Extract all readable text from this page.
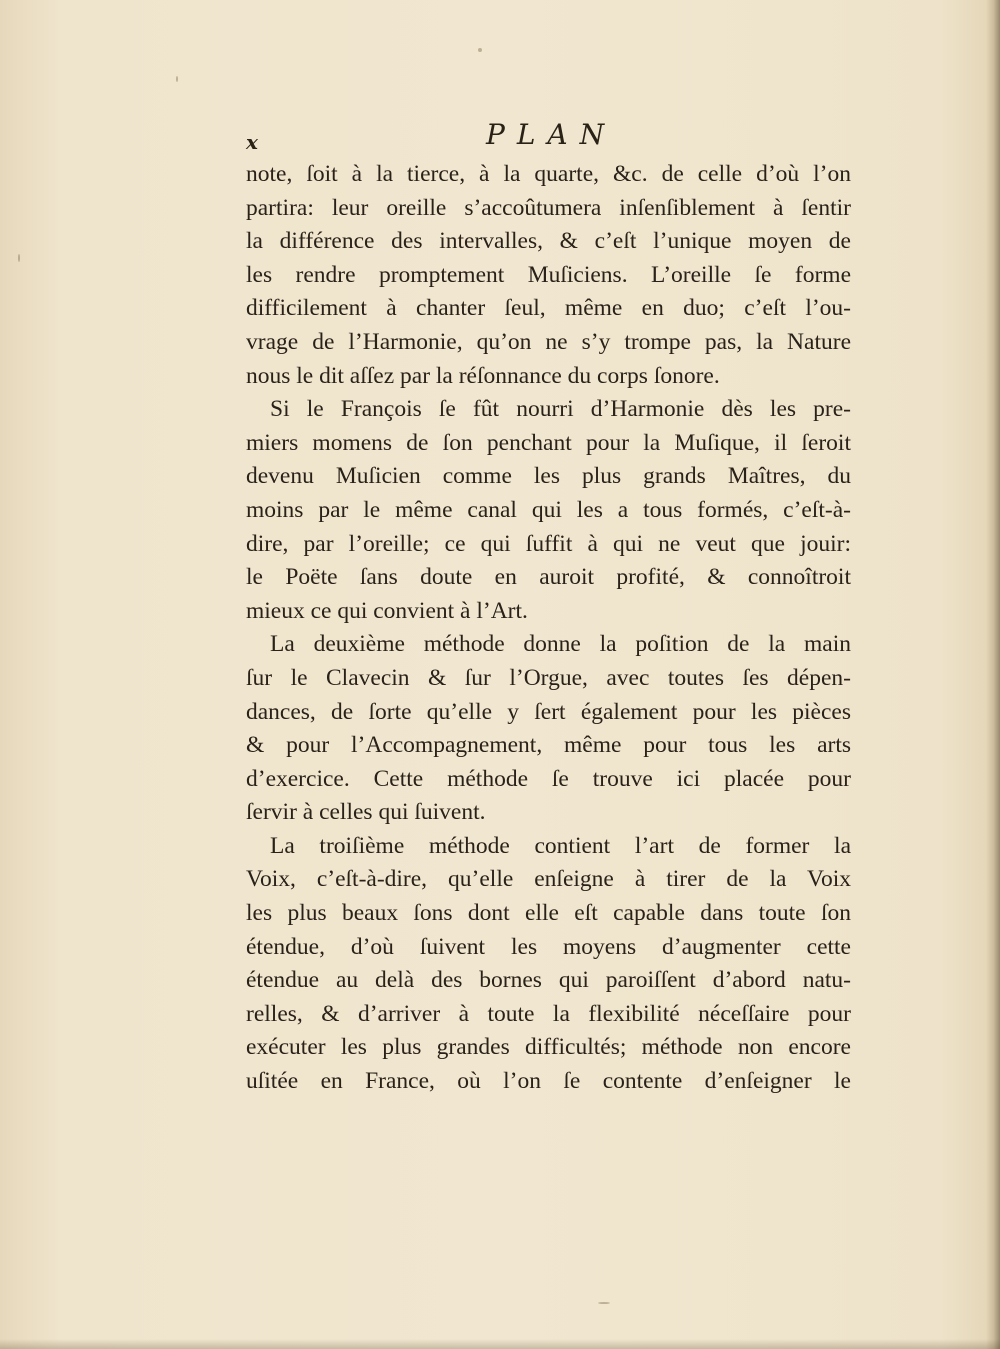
x	PLAN
note, ſoit à la tierce, à la quarte, &c. de celle d’où l’on
partira: leur oreille s’accoûtumera inſenſiblement à ſentir
la différence des intervalles, & c’eſt l’unique moyen de
les rendre promptement Muſiciens. L’oreille ſe forme
difficilement à chanter ſeul, même en duo; c’eſt l’ou-
vrage de l’Harmonie, qu’on ne s’y trompe pas, la Nature
nous le dit aſſez par la réſonnance du corps ſonore.
Si le François ſe fût nourri d’Harmonie dès les pre-
miers momens de ſon penchant pour la Muſique, il ſeroit
devenu Muſicien comme les plus grands Maîtres, du
moins par le même canal qui les a tous formés, c’eſt-à-
dire, par l’oreille; ce qui ſuffit à qui ne veut que jouir:
le Poëte ſans doute en auroit profité, & connoîtroit
mieux ce qui convient à l’Art.
La deuxième méthode donne la poſition de la main
ſur le Clavecin & ſur l’Orgue, avec toutes ſes dépen-
dances, de ſorte qu’elle y ſert également pour les pièces
& pour l’Accompagnement, même pour tous les arts
d’exercice. Cette méthode ſe trouve ici placée pour
ſervir à celles qui ſuivent.
La troiſième méthode contient l’art de former la
Voix, c’eſt-à-dire, qu’elle enſeigne à tirer de la Voix
les plus beaux ſons dont elle eſt capable dans toute ſon
étendue, d’où ſuivent les moyens d’augmenter cette
étendue au delà des bornes qui paroiſſent d’abord natu-
relles, & d’arriver à toute la flexibilité néceſſaire pour
exécuter les plus grandes difficultés; méthode non encore
uſitée en France, où l’on ſe contente d’enſeigner le
